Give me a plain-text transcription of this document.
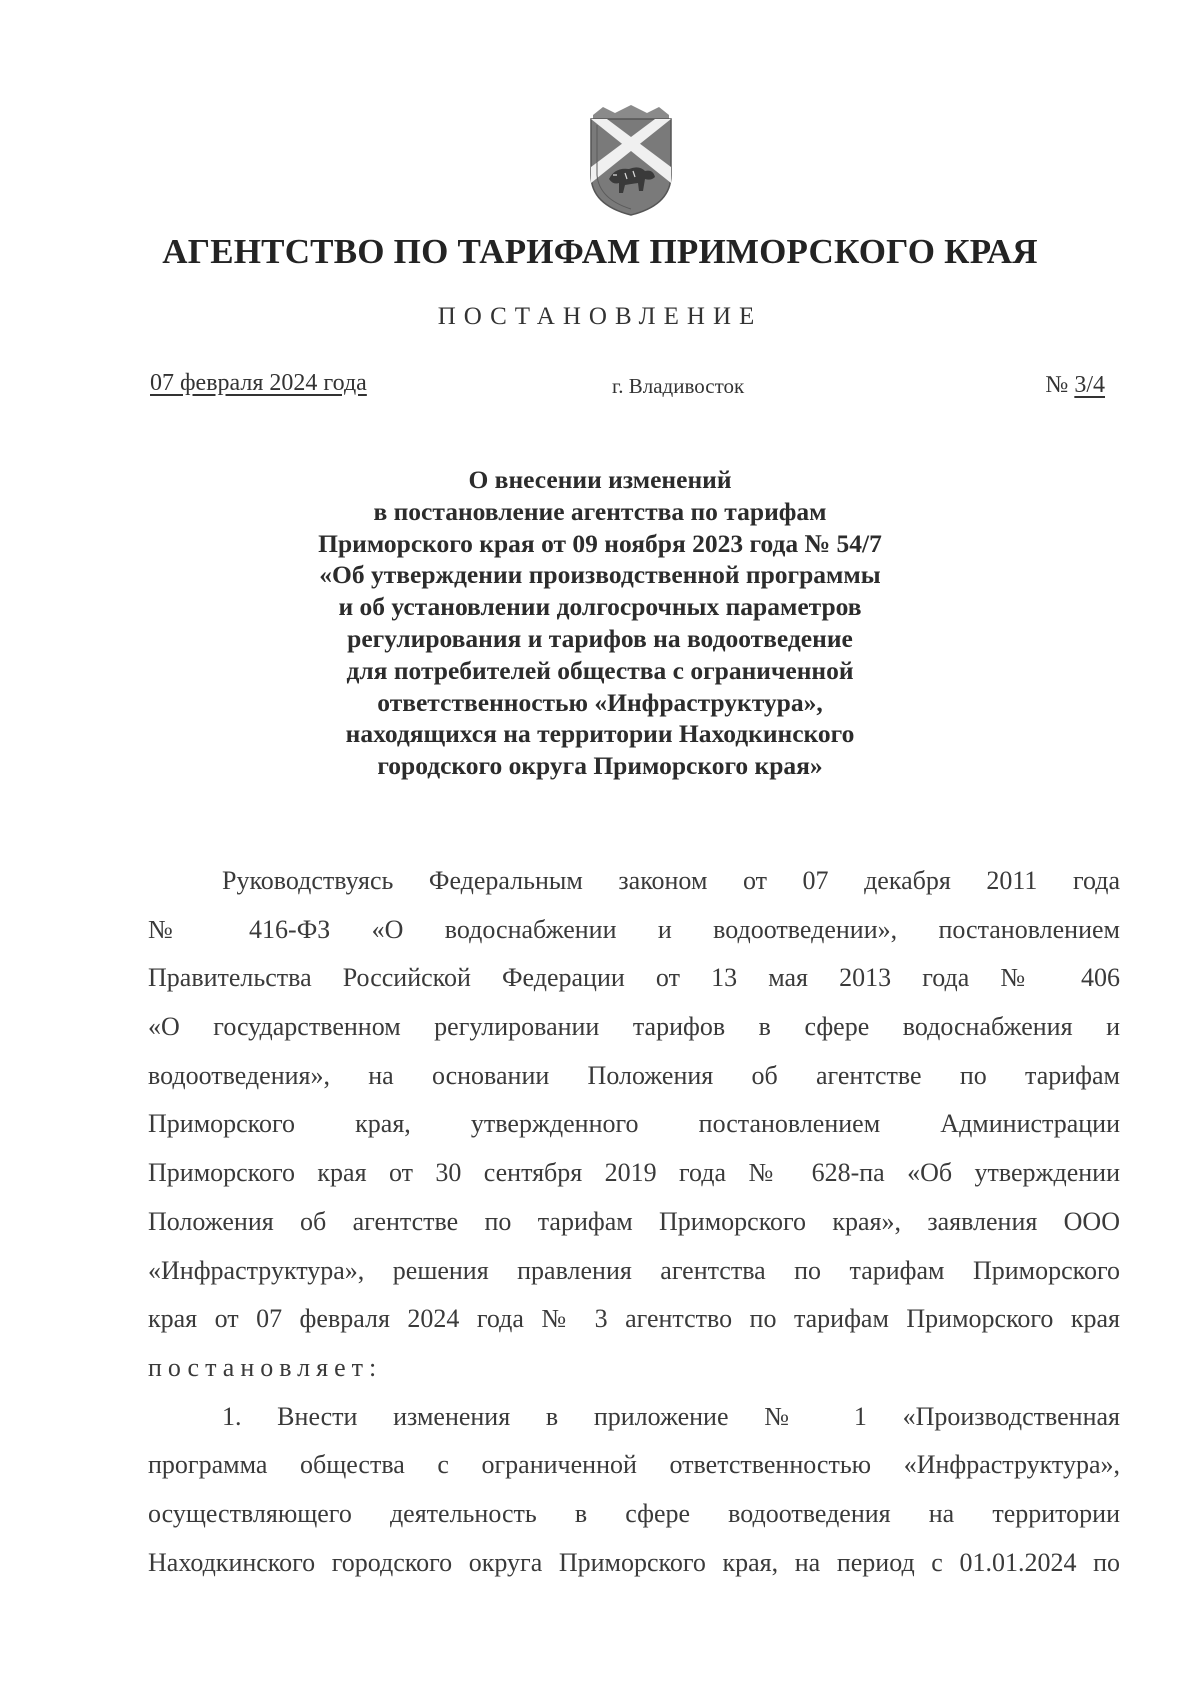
АГЕНТСТВО ПО ТАРИФАМ ПРИМОРСКОГО КРАЯ
ПОСТАНОВЛЕНИЕ
07 февраля 2024 года	г. Владивосток	№ 3/4
О внесении изменений
в постановление агентства по тарифам
Приморского края от 09 ноября 2023 года № 54/7
«Об утверждении производственной программы
и об установлении долгосрочных параметров
регулирования и тарифов на водоотведение
для потребителей общества с ограниченной
ответственностью «Инфраструктура»,
находящихся на территории Находкинского
городского округа Приморского края»
Руководствуясь Федеральным законом от 07 декабря 2011 года
№ 416-ФЗ «О водоснабжении и водоотведении», постановлением
Правительства Российской Федерации от 13 мая 2013 года № 406
«О государственном регулировании тарифов в сфере водоснабжения и
водоотведения», на основании Положения об агентстве по тарифам
Приморского края, утвержденного постановлением Администрации
Приморского края от 30 сентября 2019 года № 628-па «Об утверждении
Положения об агентстве по тарифам Приморского края», заявления ООО
«Инфраструктура», решения правления агентства по тарифам Приморского
края от 07 февраля 2024 года № 3 агентство по тарифам Приморского края
постановляет:
1. Внести изменения в приложение № 1 «Производственная
программа общества с ограниченной ответственностью «Инфраструктура»,
осуществляющего деятельность в сфере водоотведения на территории
Находкинского городского округа Приморского края, на период с 01.01.2024 по
